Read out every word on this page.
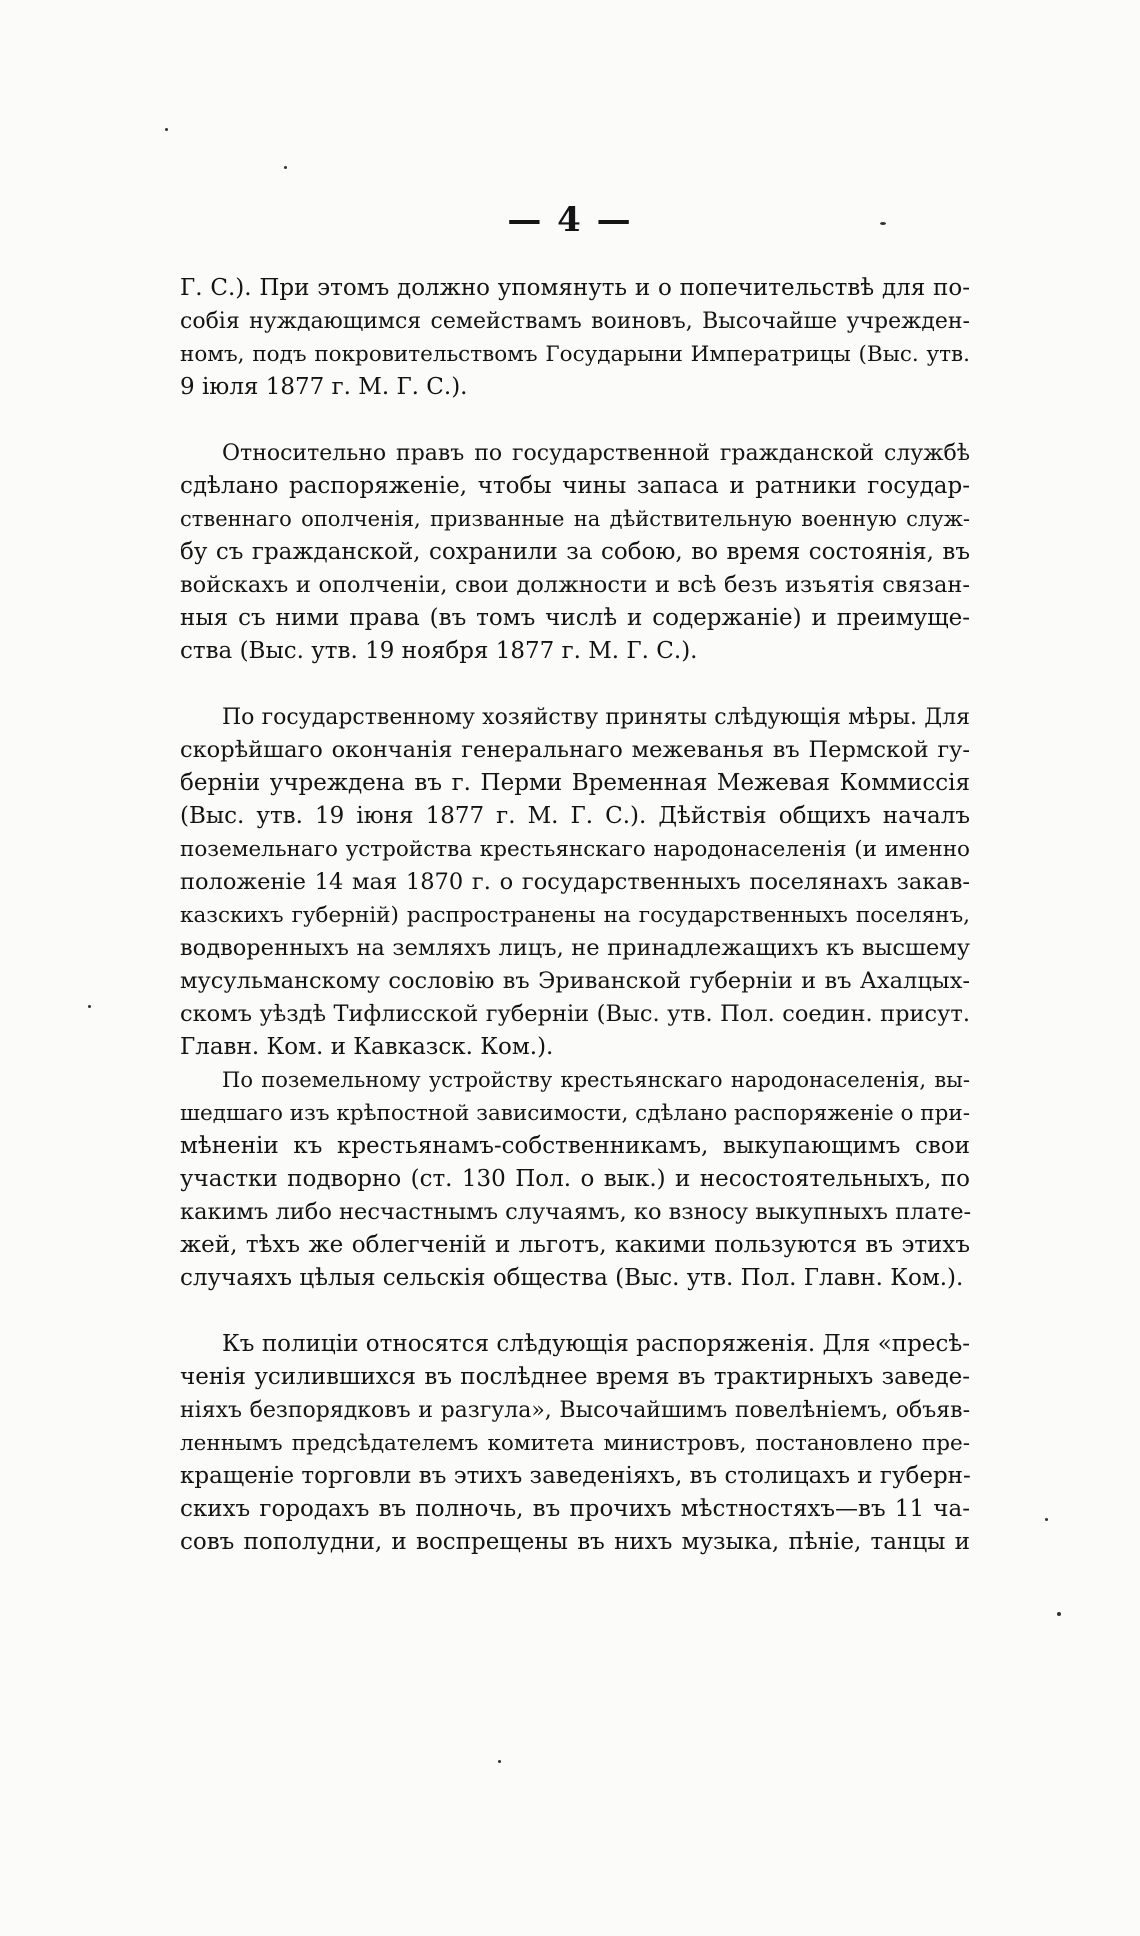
— 4 —
Г. С.). При этомъ должно упомянуть и о попечительствѣ для по-
собія нуждающимся семействамъ воиновъ, Высочайше учрежден-
номъ, подъ покровительствомъ Государыни Императрицы (Выс. утв.
9 іюля 1877 г. М. Г. С.).
Относительно правъ по государственной гражданской службѣ
сдѣлано распоряженіе, чтобы чины запаса и ратники государ-
ственнаго ополченія, призванные на дѣйствительную военную служ-
бу съ гражданской, сохранили за собою, во время состоянія, въ
войскахъ и ополченіи, свои должности и всѣ безъ изъятія связан-
ныя съ ними права (въ томъ числѣ и содержаніе) и преимуще-
ства (Выс. утв. 19 ноября 1877 г. М. Г. С.).
По государственному хозяйству приняты слѣдующія мѣры. Для
скорѣйшаго окончанія генеральнаго межеванья въ Пермской гу-
берніи учреждена въ г. Перми Временная Межевая Коммиссія
(Выс. утв. 19 іюня 1877 г. М. Г. С.). Дѣйствія общихъ началъ
поземельнаго устройства крестьянскаго народонаселенія (и именно
положеніе 14 мая 1870 г. о государственныхъ поселянахъ закав-
казскихъ губерній) распространены на государственныхъ поселянъ,
водворенныхъ на земляхъ лицъ, не принадлежащихъ къ высшему
мусульманскому сословію въ Эриванской губерніи и въ Ахалцых-
скомъ уѣздѣ Тифлисской губерніи (Выс. утв. Пол. соедин. присут.
Главн. Ком. и Кавказск. Ком.).
По поземельному устройству крестьянскаго народонаселенія, вы-
шедшаго изъ крѣпостной зависимости, сдѣлано распоряженіе о при-
мѣненіи къ крестьянамъ-собственникамъ, выкупающимъ свои
участки подворно (ст. 130 Пол. о вык.) и несостоятельныхъ, по
какимъ либо несчастнымъ случаямъ, ко взносу выкупныхъ плате-
жей, тѣхъ же облегченій и льготъ, какими пользуются въ этихъ
случаяхъ цѣлыя сельскія общества (Выс. утв. Пол. Главн. Ком.).
Къ полиціи относятся слѣдующія распоряженія. Для «пресѣ-
ченія усилившихся въ послѣднее время въ трактирныхъ заведе-
ніяхъ безпорядковъ и разгула», Высочайшимъ повелѣніемъ, объяв-
леннымъ предсѣдателемъ комитета министровъ, постановлено пре-
кращеніе торговли въ этихъ заведеніяхъ, въ столицахъ и губерн-
скихъ городахъ въ полночь, въ прочихъ мѣстностяхъ—въ 11 ча-
совъ пополудни, и воспрещены въ нихъ музыка, пѣніе, танцы и
